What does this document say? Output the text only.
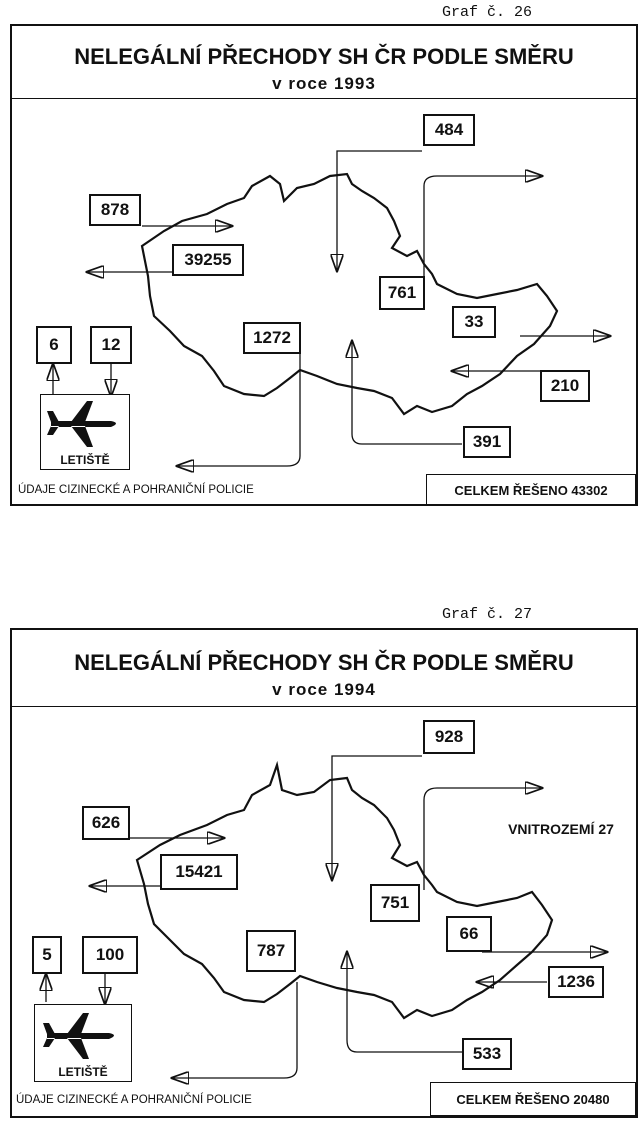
Graf č. 26
NELEGÁLNÍ PŘECHODY SH ČR PODLE SMĚRU
v roce 1993
484
761
878
39255
1272
33
210
391
6	12
LETIŠTĚ
ÚDAJE CIZINECKÉ A POHRANIČNÍ POLICIE	CELKEM ŘEŠENO 43302
Graf č. 27
NELEGÁLNÍ PŘECHODY SH ČR PODLE SMĚRU
v roce 1994
928
751
626
15421
787
66
1236
533
VNITROZEMÍ 27
5	100
LETIŠTĚ
ÚDAJE CIZINECKÉ A POHRANIČNÍ POLICIE	CELKEM ŘEŠENO 20480
